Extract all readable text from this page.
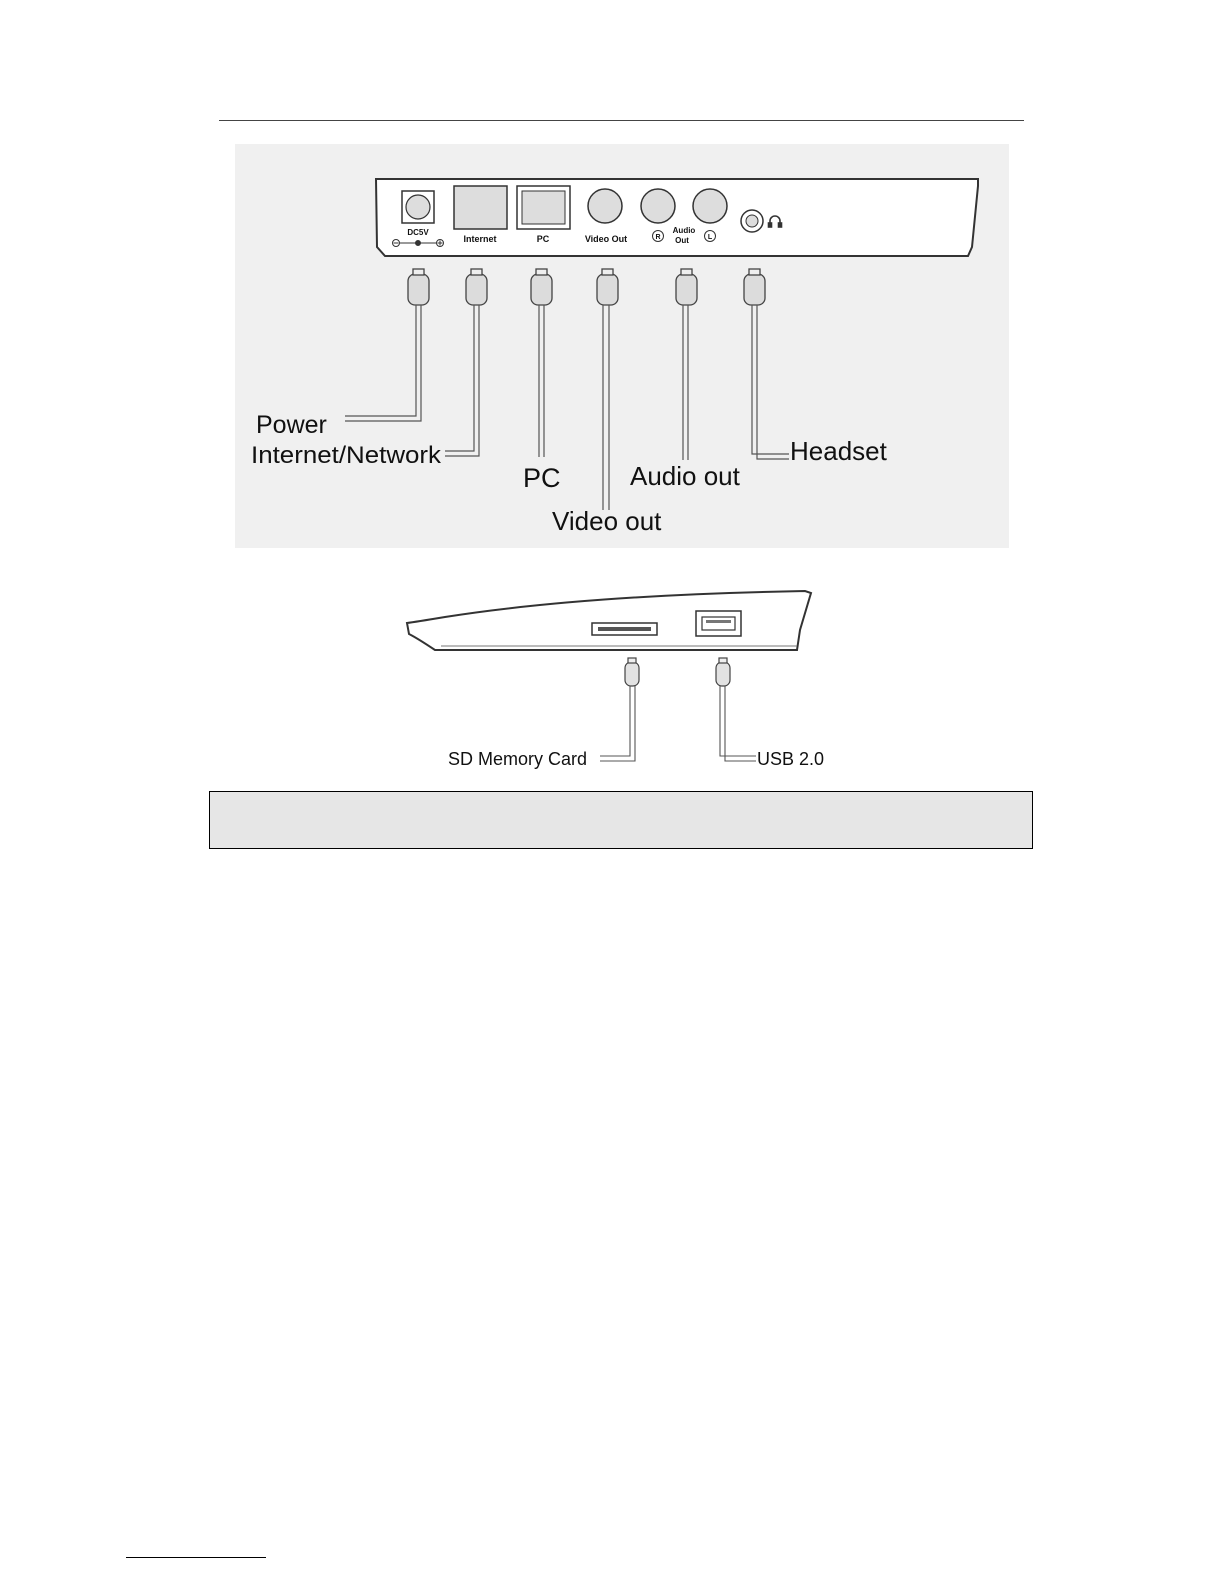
DC5V
Internet	PC	Video Out	R
Audio
Out	L
Power
Internet/Network
PC	Audio out
Headset
Video out
SD Memory Card	USB 2.0
